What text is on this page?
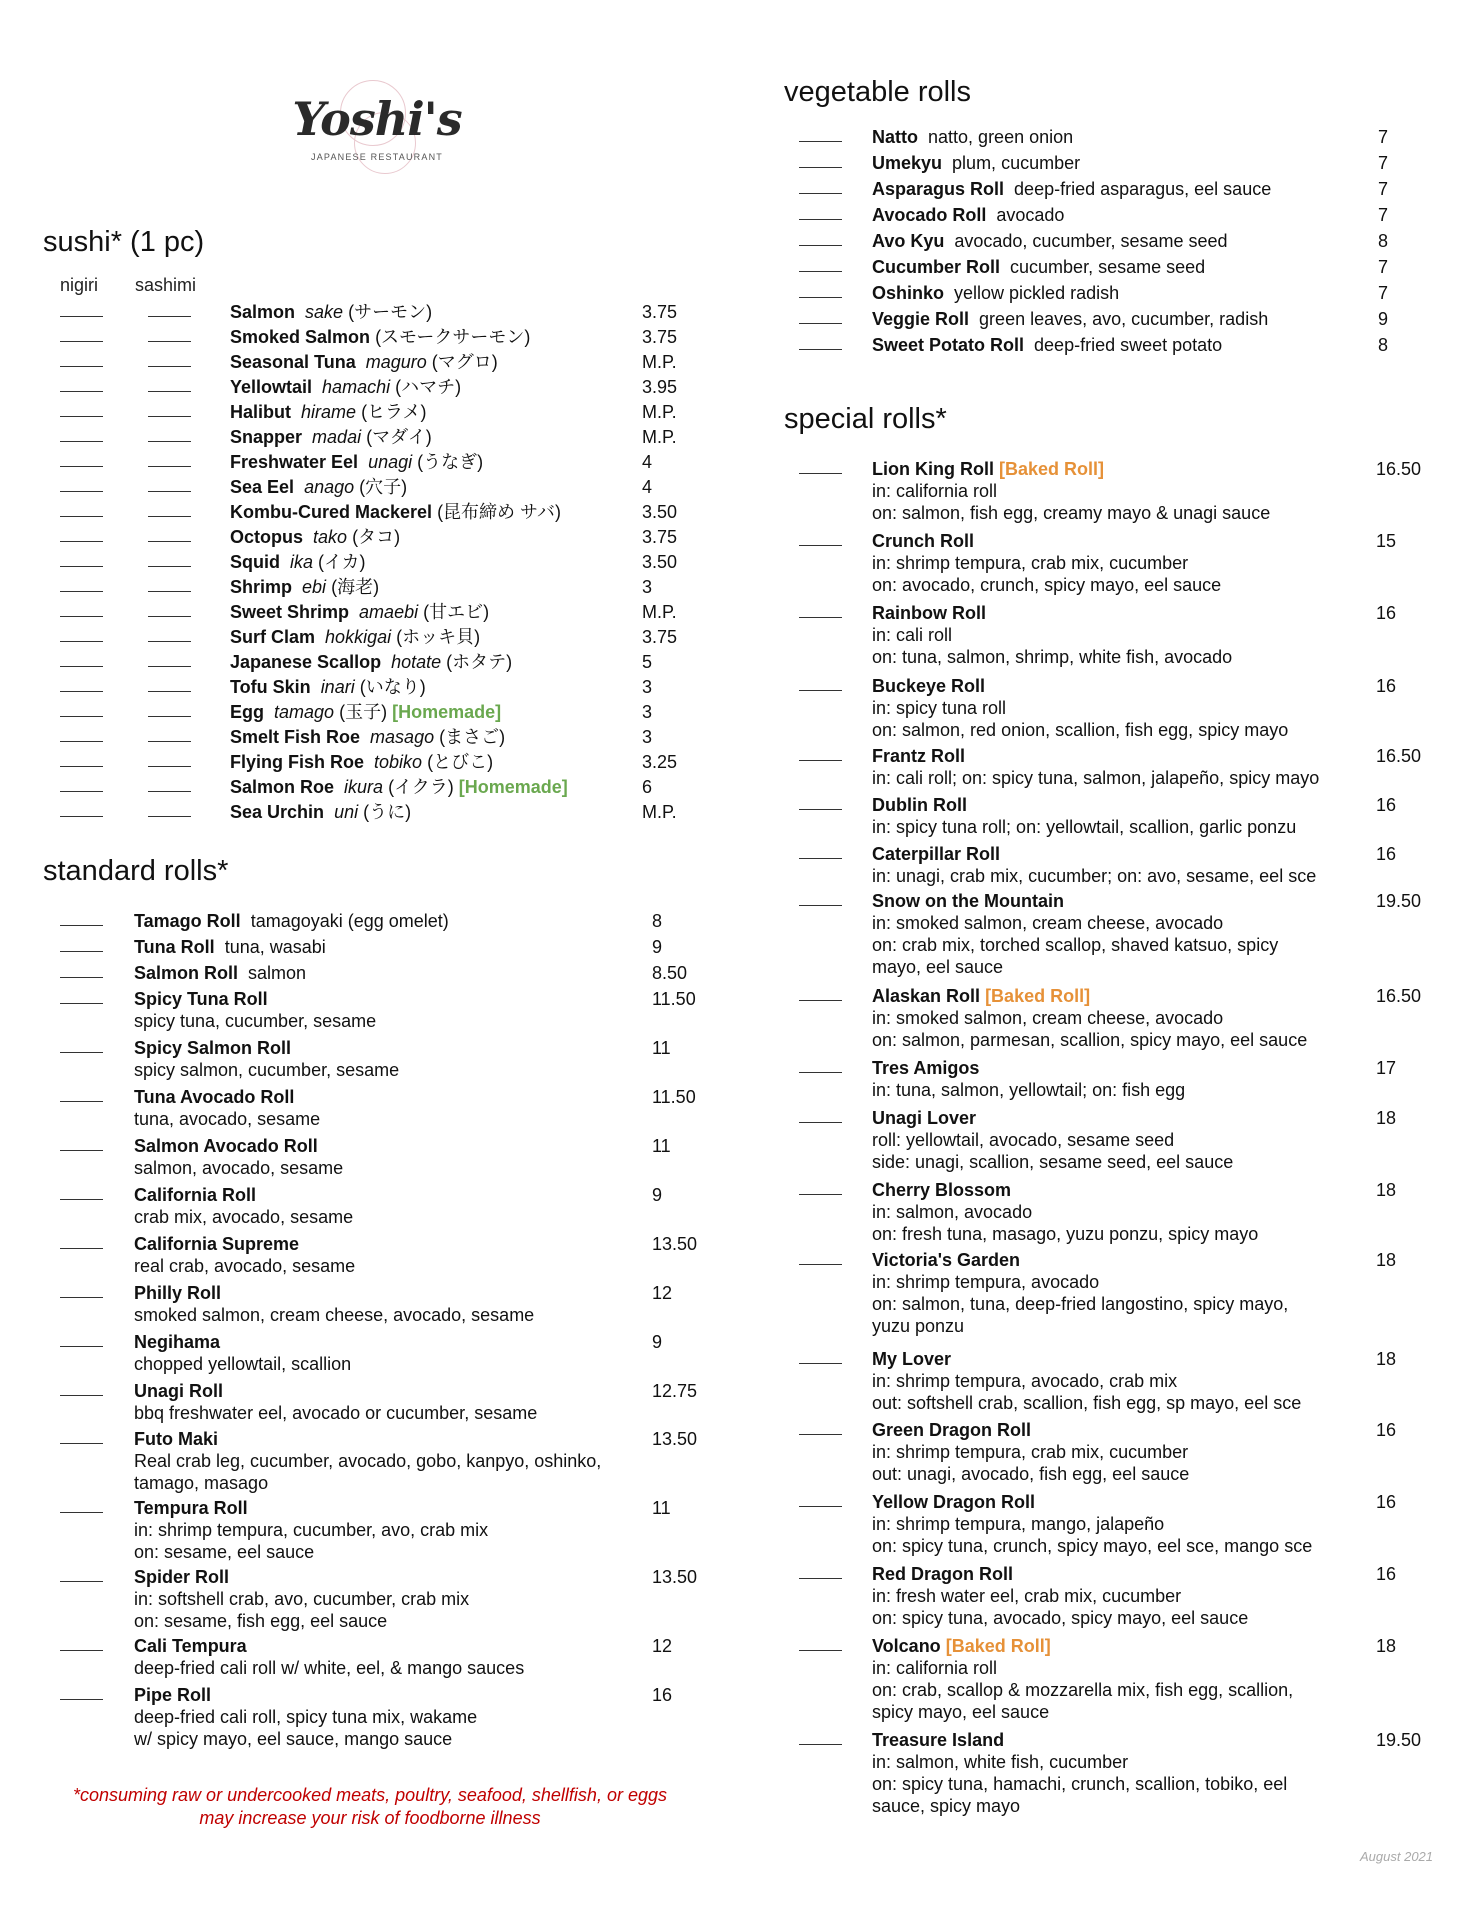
Yoshi's
JAPANESE RESTAURANT
sushi* (1 pc)
nigiri sashimi
Salmon sake (サーモン)	3.75
Smoked Salmon (スモークサーモン)	3.75
Seasonal Tuna maguro (マグロ)	M.P.
Yellowtail hamachi (ハマチ)	3.95
Halibut hirame (ヒラメ)	M.P.
Snapper madai (マダイ)	M.P.
Freshwater Eel unagi (うなぎ)	4
Sea Eel anago (穴子)	4
Kombu-Cured Mackerel (昆布締め サバ)	3.50
Octopus tako (タコ)	3.75
Squid ika (イカ)	3.50
Shrimp ebi (海老)	3
Sweet Shrimp amaebi (甘エビ)	M.P.
Surf Clam hokkigai (ホッキ貝)	3.75
Japanese Scallop hotate (ホタテ)	5
Tofu Skin inari (いなり)	3
Egg tamago (玉子) [Homemade]	3
Smelt Fish Roe masago (まさご)	3
Flying Fish Roe tobiko (とびこ)	3.25
Salmon Roe ikura (イクラ) [Homemade]	6
Sea Urchin uni (うに)	M.P.
standard rolls*
Tamago Roll tamagoyaki (egg omelet)	8
Tuna Roll tuna, wasabi	9
Salmon Roll salmon	8.50
Spicy Tuna Roll
spicy tuna, cucumber, sesame
11.50
Spicy Salmon Roll
spicy salmon, cucumber, sesame
11
Tuna Avocado Roll
tuna, avocado, sesame
11.50
Salmon Avocado Roll
salmon, avocado, sesame
11
California Roll
crab mix, avocado, sesame
9
California Supreme
real crab, avocado, sesame
13.50
Philly Roll
smoked salmon, cream cheese, avocado, sesame
12
Negihama
chopped yellowtail, scallion
9
Unagi Roll
bbq freshwater eel, avocado or cucumber, sesame
12.75
Futo Maki
Real crab leg, cucumber, avocado, gobo, kanpyo, oshinko,
tamago, masago
13.50
Tempura Roll
in: shrimp tempura, cucumber, avo, crab mix
on: sesame, eel sauce
11
Spider Roll
in: softshell crab, avo, cucumber, crab mix
on: sesame, fish egg, eel sauce
13.50
Cali Tempura
deep-fried cali roll w/ white, eel, & mango sauces
12
Pipe Roll
deep-fried cali roll, spicy tuna mix, wakame
w/ spicy mayo, eel sauce, mango sauce
16
*consuming raw or undercooked meats, poultry, seafood, shellfish, or eggs
may increase your risk of foodborne illness
vegetable rolls
Natto natto, green onion	7
Umekyu plum, cucumber	7
Asparagus Roll deep-fried asparagus, eel sauce	7
Avocado Roll avocado	7
Avo Kyu avocado, cucumber, sesame seed	8
Cucumber Roll cucumber, sesame seed	7
Oshinko yellow pickled radish	7
Veggie Roll green leaves, avo, cucumber, radish	9
Sweet Potato Roll deep-fried sweet potato	8
special rolls*
Lion King Roll [Baked Roll]
in: california roll
on: salmon, fish egg, creamy mayo & unagi sauce
16.50
Crunch Roll
in: shrimp tempura, crab mix, cucumber
on: avocado, crunch, spicy mayo, eel sauce
15
Rainbow Roll
in: cali roll
on: tuna, salmon, shrimp, white fish, avocado
16
Buckeye Roll
in: spicy tuna roll
on: salmon, red onion, scallion, fish egg, spicy mayo
16
Frantz Roll
in: cali roll; on: spicy tuna, salmon, jalapeño, spicy mayo
16.50
Dublin Roll
in: spicy tuna roll; on: yellowtail, scallion, garlic ponzu
16
Caterpillar Roll
in: unagi, crab mix, cucumber; on: avo, sesame, eel sce
16
Snow on the Mountain
in: smoked salmon, cream cheese, avocado
on: crab mix, torched scallop, shaved katsuo, spicy
mayo, eel sauce
19.50
Alaskan Roll [Baked Roll]
in: smoked salmon, cream cheese, avocado
on: salmon, parmesan, scallion, spicy mayo, eel sauce
16.50
Tres Amigos
in: tuna, salmon, yellowtail; on: fish egg
17
Unagi Lover
roll: yellowtail, avocado, sesame seed
side: unagi, scallion, sesame seed, eel sauce
18
Cherry Blossom
in: salmon, avocado
on: fresh tuna, masago, yuzu ponzu, spicy mayo
18
Victoria's Garden
in: shrimp tempura, avocado
on: salmon, tuna, deep-fried langostino, spicy mayo,
yuzu ponzu
18
My Lover
in: shrimp tempura, avocado, crab mix
out: softshell crab, scallion, fish egg, sp mayo, eel sce
18
Green Dragon Roll
in: shrimp tempura, crab mix, cucumber
out: unagi, avocado, fish egg, eel sauce
16
Yellow Dragon Roll
in: shrimp tempura, mango, jalapeño
on: spicy tuna, crunch, spicy mayo, eel sce, mango sce
16
Red Dragon Roll
in: fresh water eel, crab mix, cucumber
on: spicy tuna, avocado, spicy mayo, eel sauce
16
Volcano [Baked Roll]
in: california roll
on: crab, scallop & mozzarella mix, fish egg, scallion,
spicy mayo, eel sauce
18
Treasure Island
in: salmon, white fish, cucumber
on: spicy tuna, hamachi, crunch, scallion, tobiko, eel
sauce, spicy mayo
19.50
August 2021
